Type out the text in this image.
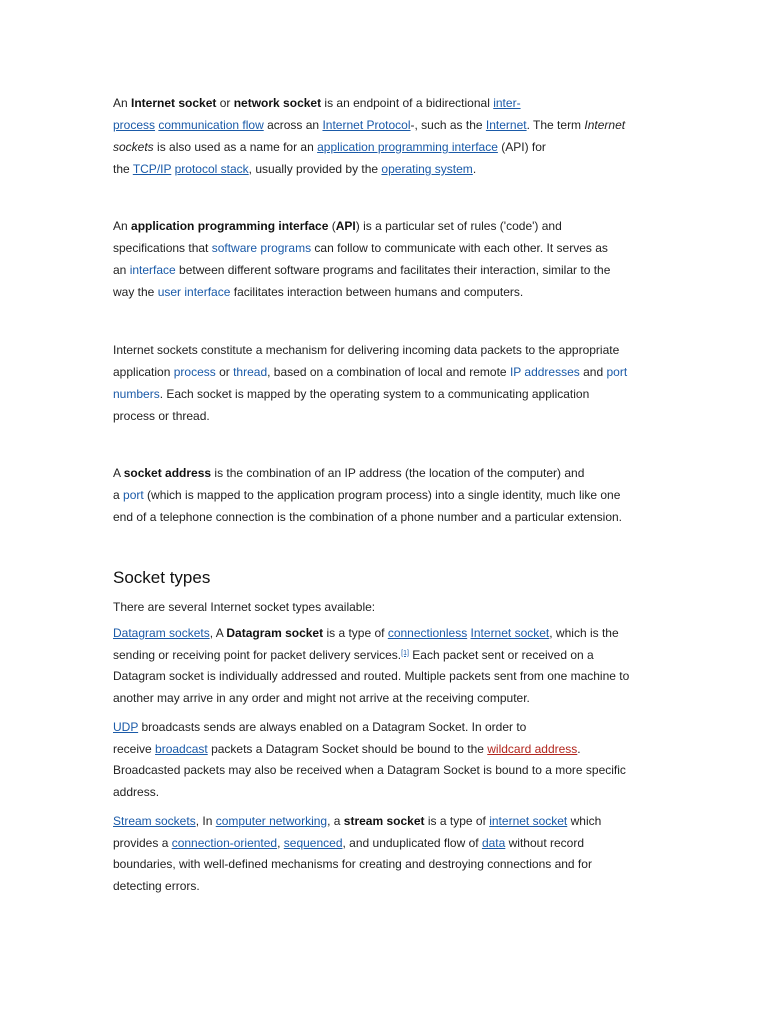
An Internet socket or network socket is an endpoint of a bidirectional inter-
process communication flow across an Internet Protocol-, such as the Internet. The term Internet
sockets is also used as a name for an application programming interface (API) for
the TCP/IP protocol stack, usually provided by the operating system.

An application programming interface (API) is a particular set of rules ('code') and
specifications that software programs can follow to communicate with each other. It serves as
an interface between different software programs and facilitates their interaction, similar to the
way the user interface facilitates interaction between humans and computers.

Internet sockets constitute a mechanism for delivering incoming data packets to the appropriate
application process or thread, based on a combination of local and remote IP addresses and port
numbers. Each socket is mapped by the operating system to a communicating application
process or thread.

A socket address is the combination of an IP address (the location of the computer) and
a port (which is mapped to the application program process) into a single identity, much like one
end of a telephone connection is the combination of a phone number and a particular extension.

Socket types

There are several Internet socket types available:

Datagram sockets, A Datagram socket is a type of connectionless Internet socket, which is the
sending or receiving point for packet delivery services.[1] Each packet sent or received on a
Datagram socket is individually addressed and routed. Multiple packets sent from one machine to
another may arrive in any order and might not arrive at the receiving computer.

UDP broadcasts sends are always enabled on a Datagram Socket. In order to
receive broadcast packets a Datagram Socket should be bound to the wildcard address.
Broadcasted packets may also be received when a Datagram Socket is bound to a more specific
address.

Stream sockets, In computer networking, a stream socket is a type of internet socket which
provides a connection-oriented, sequenced, and unduplicated flow of data without record
boundaries, with well-defined mechanisms for creating and destroying connections and for
detecting errors.
